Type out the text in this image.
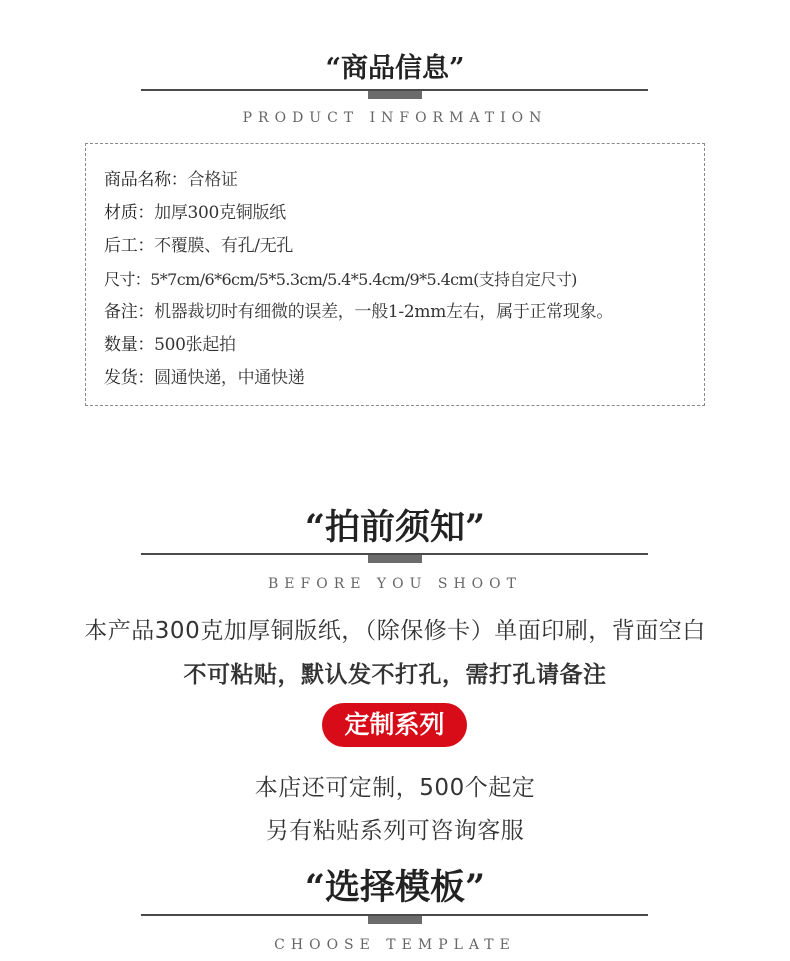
“商品信息”
PRODUCT INFORMATION
商品名称：合格证
材质：加厚300克铜版纸
后工：不覆膜、有孔/无孔
尺寸：5*7cm/6*6cm/5*5.3cm/5.4*5.4cm/9*5.4cm(支持自定尺寸)
备注：机器裁切时有细微的误差，一般1-2mm左右，属于正常现象。
数量：500张起拍
发货：圆通快递，中通快递
“拍前须知”
BEFORE YOU SHOOT
本产品300克加厚铜版纸，（除保修卡）单面印刷，背面空白
不可粘贴，默认发不打孔，需打孔请备注
定制系列
本店还可定制，500个起定
另有粘贴系列可咨询客服
“选择模板”
CHOOSE TEMPLATE
